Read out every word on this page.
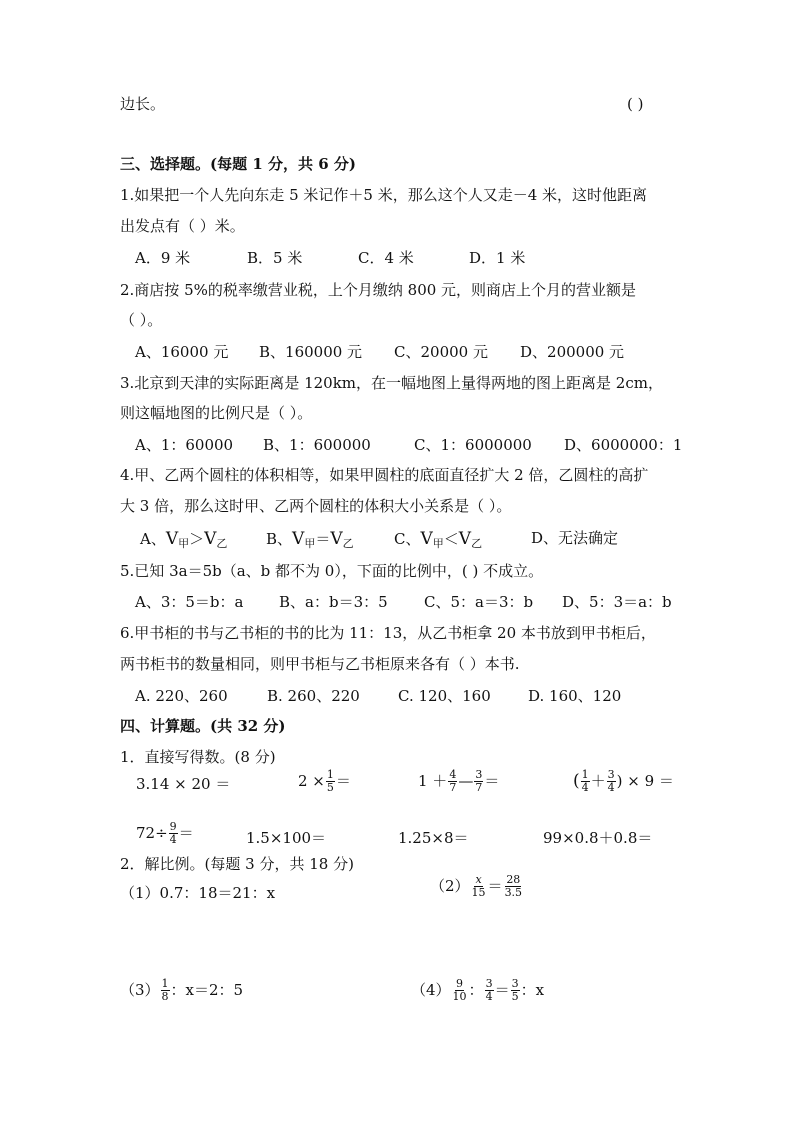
边长。	( )
三、选择题。(每题 1 分，共 6 分)
1.如果把一个人先向东走 5 米记作＋5 米，那么这个人又走－4 米，这时他距离
出发点有（ ）米。
A．9 米	B．5 米	C．4 米	D．1 米
2.商店按 5%的税率缴营业税，上个月缴纳 800 元，则商店上个月的营业额是
（ ）。
A、16000 元 B、160000 元 C、20000 元 D、200000 元
3.北京到天津的实际距离是 120km，在一幅地图上量得两地的图上距离是 2cm，
则这幅地图的比例尺是（ ）。
A、1：60000 B、1：600000	C、1：6000000 D、6000000：1
4.甲、乙两个圆柱的体积相等，如果甲圆柱的底面直径扩大 2 倍，乙圆柱的高扩
大 3 倍，那么这时甲、乙两个圆柱的体积大小关系是（ ）。
A、$V_甲>V_乙$	B、$V_甲=V_乙$	C、$V_甲<V_乙$	D、无法确定
5.已知 3a＝5b（a、b 都不为 0），下面的比例中，( ) 不成立。
A、3：5＝b：a B、a：b＝3：5 C、5：a＝3：b D、5：3＝a：b
6.甲书柜的书与乙书柜的书的比为 11：13，从乙书柜拿 20 本书放到甲书柜后，
两书柜书的数量相同，则甲书柜与乙书柜原来各有（ ）本书.
A. 220、260	B. 260、220	C. 120、160 D. 160、120
四、计算题。(共 32 分)
1．直接写得数。(8 分)
3.14 × 20 ＝	$2 \times \frac{1}{5}$ ＝	$1 + \frac{4}{7}$ — $\frac{3}{7}$ ＝	( $\frac{1}{4} + \frac{3}{4}$ ) × 9 ＝
$72\div \frac{9}{4}$ ＝	1.5×100＝	1.25×8＝	99×0.8＋0.8＝
2．解比例。(每题 3 分，共 18 分)
（1）0.7：18＝21：x	$(2) \frac{x}{15} = \frac{28}{3.5}$
$(3) \frac{1}{8}$ ：x＝2：5	$(4) \frac{9}{10}$ ： $\frac{3}{4} = \frac{3}{5}$ ：x
